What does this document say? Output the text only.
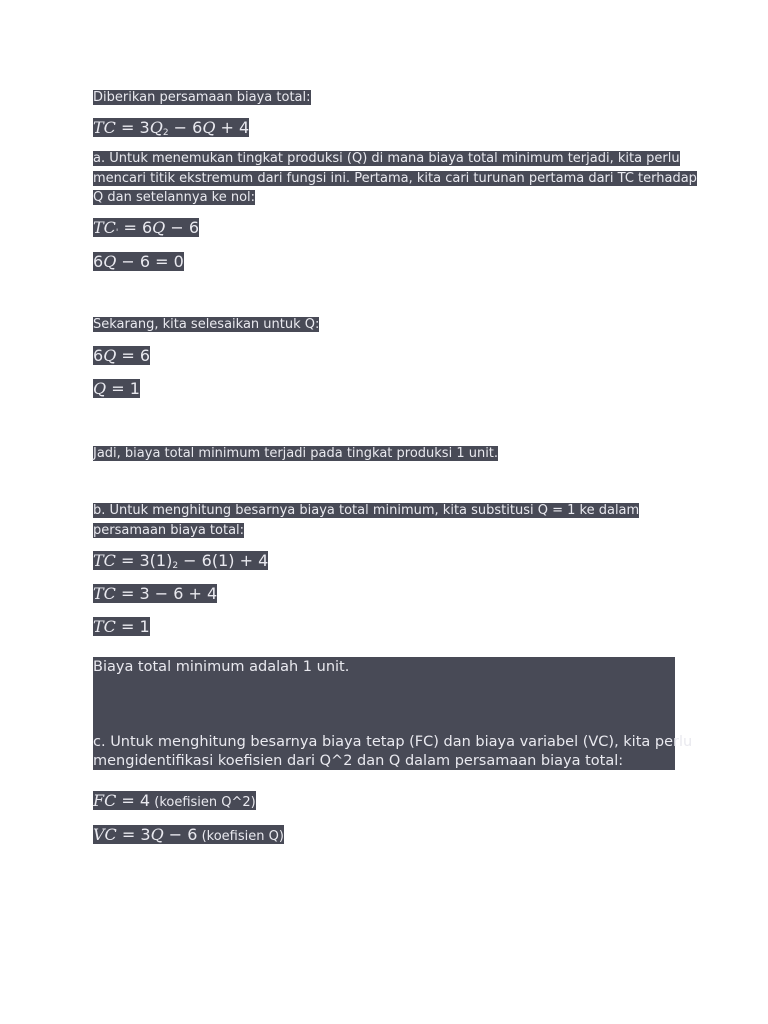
Diberikan persamaan biaya total:
TC = $3Q^2 - 6Q + 4$
a. Untuk menemukan tingkat produksi (Q) di mana biaya total minimum terjadi, kita perlu
mencari titik ekstremum dari fungsi ini. Pertama, kita cari turunan pertama dari TC terhadap
Q dan setelannya ke nol:
TC' = 6Q − 6
6Q − 6 = 0
Sekarang, kita selesaikan untuk Q:
6Q = 6
Q = 1
Jadi, biaya total minimum terjadi pada tingkat produksi 1 unit.
b. Untuk menghitung besarnya biaya total minimum, kita substitusi Q = 1 ke dalam
persamaan biaya total:
TC = $3(1)^2 - 6(1) + 4$
TC = 3 − 6 + 4
TC = 1
Biaya total minimum adalah 1 unit.
c. Untuk menghitung besarnya biaya tetap (FC) dan biaya variabel (VC), kita perlu
mengidentifikasi koefisien dari Q^2 dan Q dalam persamaan biaya total:
FC = 4 (koefisien Q^2)
VC = 3Q − 6 (koefisien Q)
